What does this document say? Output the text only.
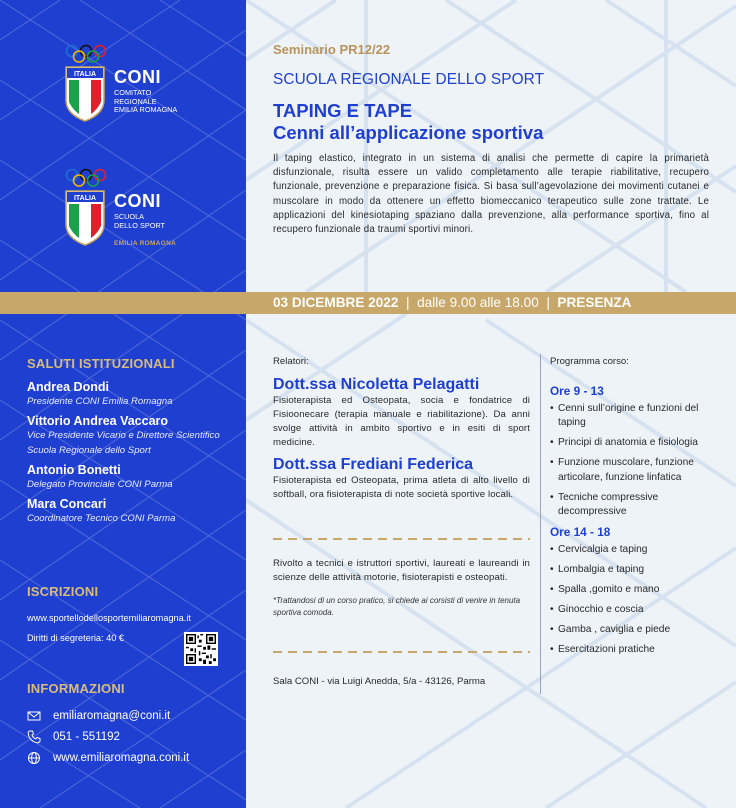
ITALIA CONI
COMITATO
REGIONALE
EMILIA ROMAGNA
ITALIA CONI
SCUOLA
DELLO SPORT
EMILIA ROMAGNA
SALUTI ISTITUZIONALI
Andrea Dondi
Presidente CONI Emilia Romagna
Vittorio Andrea Vaccaro
Vice Presidente Vicario e Direttore Scientifico Scuola Regionale dello Sport
Antonio Bonetti
Delegato Provinciale CONI Parma
Mara Concari
Coordinatore Tecnico CONI Parma
ISCRIZIONI
www.sportellodellosportemiliaromagna.it
Diritti di segreteria: 40 €
INFORMAZIONI
emiliaromagna@coni.it
051 - 551192
www.emiliaromagna.coni.it
Seminario PR12/22
SCUOLA REGIONALE DELLO SPORT
TAPING E TAPE
Cenni all’applicazione sportiva
Il taping elastico, integrato in un sistema di analisi che permette di capire la primarietà disfunzionale, risulta essere un valido completamento alle terapie riabilitative, recupero funzionale, prevenzione e preparazione fisica. Si basa sull’agevolazione dei movimenti cutanei e muscolare in modo da ottenere un effetto biomeccanico terapeutico sulle zone trattate. Le applicazioni del kinesiotaping spaziano dalla prevenzione, alla performance sportiva, fino al recupero funzionale da traumi sportivi minori.
03 DICEMBRE 2022 | dalle 9.00 alle 18.00 | PRESENZA
Relatori:
Dott.ssa Nicoletta Pelagatti
Fisioterapista ed Osteopata, socia e fondatrice di Fisioonecare (terapia manuale e riabilitazione). Da anni svolge attività in ambito sportivo e in esiti di sport medicine.
Dott.ssa Frediani Federica
Fisioterapista ed Osteopata, prima atleta di alto livello di softball, ora fisioterapista di note società sportive locali.
Rivolto a tecnici e istruttori sportivi, laureati e laureandi in scienze delle attività motorie, fisioterapisti e osteopati.
*Trattandosi di un corso pratico, si chiede ai corsisti di venire in tenuta sportiva comoda.
Sala CONI - via Luigi Anedda, 5/a - 43126, Parma
Programma corso:
Ore 9 - 13
• Cenni sull’origine e funzioni del taping
• Principi di anatomia e fisiologia
• Funzione muscolare, funzione articolare, funzione linfatica
• Tecniche compressive decompressive
Ore 14 - 18
• Cervicalgia e taping
• Lombalgia e taping
• Spalla ,gomito e mano
• Ginocchio e coscia
• Gamba , caviglia e piede
• Esercitazioni pratiche
